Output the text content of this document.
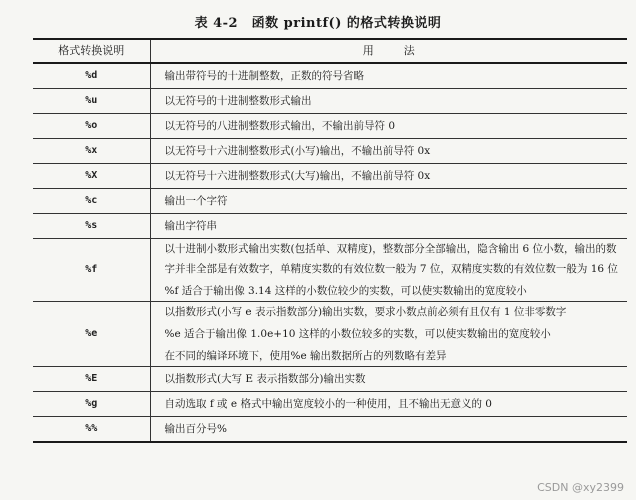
表 4-2　函数 printf() 的格式转换说明
格式转换说明	用法
%d	输出带符号的十进制整数，正数的符号省略

%u	以无符号的十进制整数形式输出

%o	以无符号的八进制整数形式输出，不输出前导符 0

%x	以无符号十六进制整数形式(小写)输出，不输出前导符 0x

%X	以无符号十六进制整数形式(大写)输出，不输出前导符 0x

%c	输出一个字符

%s	输出字符串

%f	以十进制小数形式输出实数(包括单、双精度)，整数部分全部输出，隐含输出 6 位小数，输出的数字并非全部是有效数字，单精度实数的有效位数一般为 7 位，双精度实数的有效位数一般为 16 位
%f 适合于输出像 3.14 这样的小数位较少的实数，可以使实数输出的宽度较小

%e	以指数形式(小写 e 表示指数部分)输出实数，要求小数点前必须有且仅有 1 位非零数字
%e 适合于输出像 1.0e+10 这样的小数位较多的实数，可以使实数输出的宽度较小
在不同的编译环境下，使用%e 输出数据所占的列数略有差异

%E	以指数形式(大写 E 表示指数部分)输出实数

%g	自动选取 f 或 e 格式中输出宽度较小的一种使用，且不输出无意义的 0

%%	输出百分号%
CSDN @xy2399
